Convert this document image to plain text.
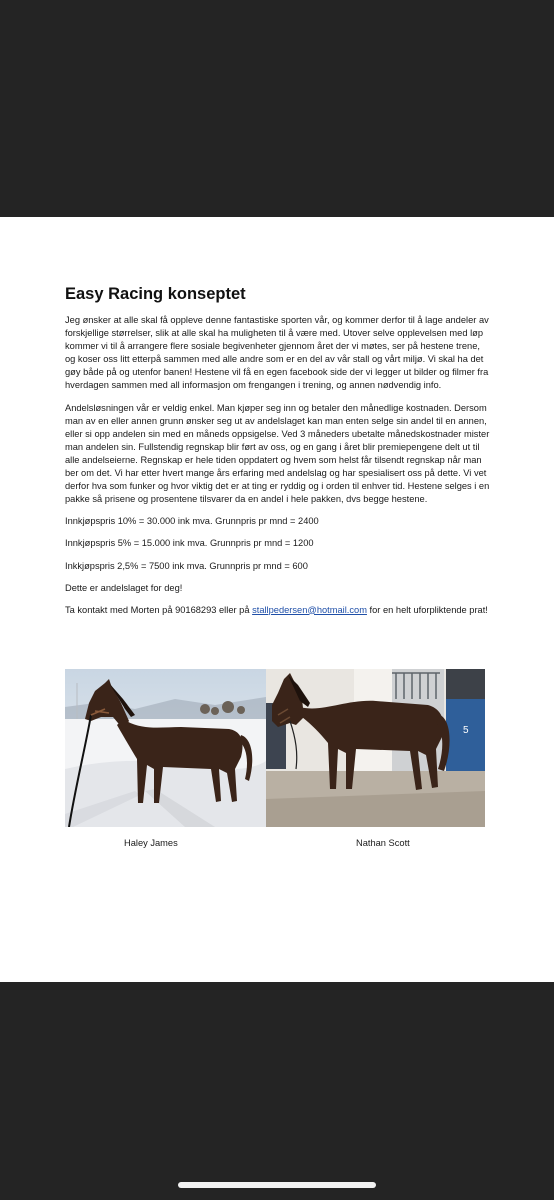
Easy Racing konseptet

Jeg ønsker at alle skal få oppleve denne fantastiske sporten vår, og kommer derfor til å lage andeler av forskjellige størrelser, slik at alle skal ha muligheten til å være med. Utover selve opplevelsen med løp kommer vi til å arrangere flere sosiale begivenheter gjennom året der vi møtes, ser på hestene trene, og koser oss litt etterpå sammen med alle andre som er en del av vår stall og vårt miljø. Vi skal ha det gøy både på og utenfor banen! Hestene vil få en egen facebook side der vi legger ut bilder og filmer fra hverdagen sammen med all informasjon om frengangen i trening, og annen nødvendig info.

Andelsløsningen vår er veldig enkel. Man kjøper seg inn og betaler den månedlige kostnaden. Dersom man av en eller annen grunn ønsker seg ut av andelslaget kan man enten selge sin andel til en annen, eller si opp andelen sin med en måneds oppsigelse. Ved 3 måneders ubetalte månedskostnader mister man andelen sin. Fullstendig regnskap blir ført av oss, og en gang i året blir premiepengene delt ut til alle andelseierne. Regnskap er hele tiden oppdatert og hvem som helst får tilsendt regnskap når man ber om det. Vi har etter hvert mange års erfaring med andelslag og har spesialisert oss på dette. Vi vet derfor hva som funker og hvor viktig det er at ting er ryddig og i orden til enhver tid. Hestene selges i en pakke så prisene og prosentene tilsvarer da en andel i hele pakken, dvs begge hestene.

Innkjøpspris 10% = 30.000 ink mva. Grunnpris pr mnd = 2400

Innkjøpspris 5% = 15.000 ink mva. Grunnpris pr mnd = 1200

Inkkjøpspris 2,5% = 7500 ink mva. Grunnpris pr mnd = 600

Dette er andelslaget for deg!

Ta kontakt med Morten på 90168293 eller på stallpedersen@hotmail.com for en helt uforpliktende prat!

5
Haley James	Nathan Scott
